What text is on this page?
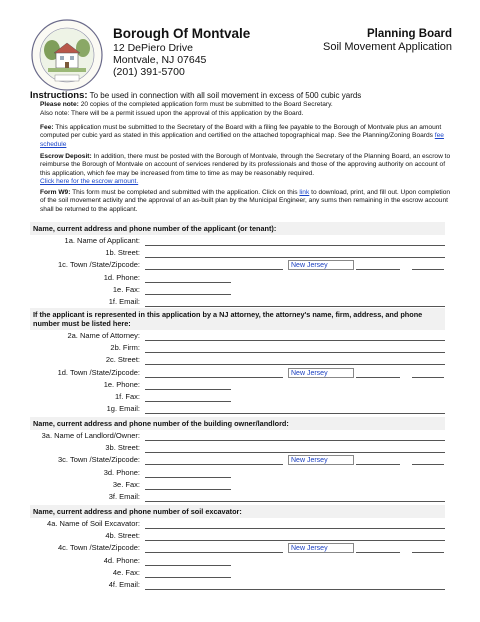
Borough Of Montvale
12 DePiero Drive
Montvale, NJ 07645
(201) 391-5700
Planning Board
Soil Movement Application
Instructions: To be used in connection with all soil movement in excess of 500 cubic yards
Please note: 20 copies of the completed application form must be submitted to the Board Secretary.
Also note: There will be a permit issued upon the approval of this application by the Board.
Fee: This application must be submitted to the Secretary of the Board with a filing fee payable to the Borough of Montvale plus an amount computed per cubic yard as stated in this application and certified on the attached topographical map. See the Planning/Zoning Boards fee schedule
Escrow Deposit: In addition, there must be posted with the Borough of Montvale, through the Secretary of the Planning Board, an escrow to reimburse the Borough of Montvale on account of services rendered by its professionals and those of the approving authority on account of this application, which fee may be increased from time to time as may be reasonably required.
Click here for the escrow amount.
Form W9: This form must be completed and submitted with the application. Click on this link to download, print, and fill out. Upon completion of the soil movement activity and the approval of an as-built plan by the Municipal Engineer, any sums then remaining in the escrow account shall be returned to the applicant.
Name, current address and phone number of the applicant (or tenant):
1a. Name of Applicant:
1b. Street:
1c. Town /State/Zipcode:	New Jersey
1d. Phone:
1e. Fax:
1f. Email:
If the applicant is represented in this application by a NJ attorney, the attorney's name, firm, address, and phone number must be listed here:
2a. Name of Attorney:
2b. Firm:
2c. Street:
1d. Town /State/Zipcode:	New Jersey
1e. Phone:
1f. Fax:
1g. Email:
Name, current address and phone number of the building owner/landlord:
3a. Name of Landlord/Owner:
3b. Street:
3c. Town /State/Zipcode:	New Jersey
3d. Phone:
3e. Fax:
3f. Email:
Name, current address and phone number of soil excavator:
4a. Name of Soil Excavator:
4b. Street:
4c. Town /State/Zipcode:	New Jersey
4d. Phone:
4e. Fax:
4f. Email:
